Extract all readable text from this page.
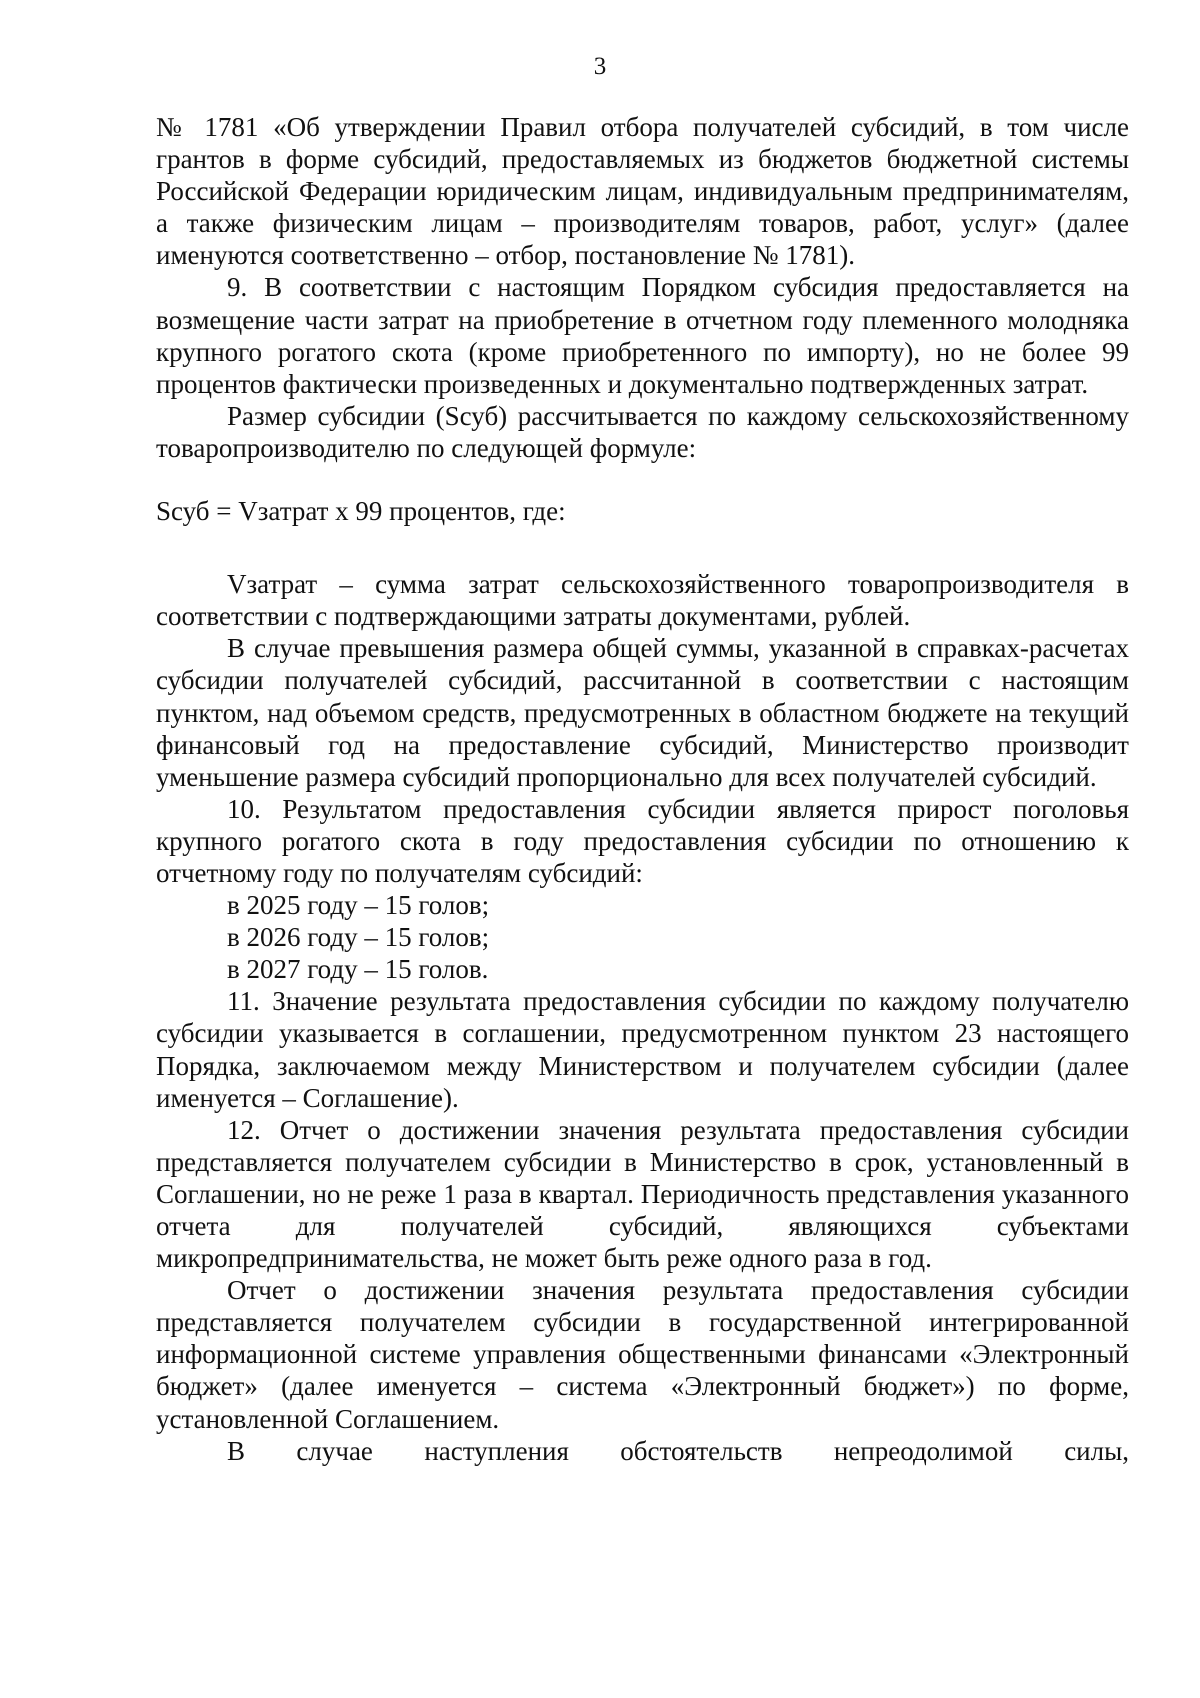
3

№ 1781 «Об утверждении Правил отбора получателей субсидий, в том числе грантов в форме субсидий, предоставляемых из бюджетов бюджетной системы Российской Федерации юридическим лицам, индивидуальным предпринимателям, а также физическим лицам – производителям товаров, работ, услуг» (далее именуются соответственно – отбор, постановление № 1781).

9. В соответствии с настоящим Порядком субсидия предоставляется на возмещение части затрат на приобретение в отчетном году племенного молодняка крупного рогатого скота (кроме приобретенного по импорту), но не более 99 процентов фактически произведенных и документально подтвержденных затрат.

Размер субсидии (Sсуб) рассчитывается по каждому сельскохозяйственному товаропроизводителю по следующей формуле:

Sсуб = Vзатрат x 99 процентов, где:

Vзатрат – сумма затрат сельскохозяйственного товаропроизводителя в соответствии с подтверждающими затраты документами, рублей.

В случае превышения размера общей суммы, указанной в справках-расчетах субсидии получателей субсидий, рассчитанной в соответствии с настоящим пунктом, над объемом средств, предусмотренных в областном бюджете на текущий финансовый год на предоставление субсидий, Министерство производит уменьшение размера субсидий пропорционально для всех получателей субсидий.

10. Результатом предоставления субсидии является прирост поголовья крупного рогатого скота в году предоставления субсидии по отношению к отчетному году по получателям субсидий:

в 2025 году – 15 голов;

в 2026 году – 15 голов;

в 2027 году – 15 голов.

11. Значение результата предоставления субсидии по каждому получателю субсидии указывается в соглашении, предусмотренном пунктом 23 настоящего Порядка, заключаемом между Министерством и получателем субсидии (далее именуется – Соглашение).

12. Отчет о достижении значения результата предоставления субсидии представляется получателем субсидии в Министерство в срок, установленный в Соглашении, но не реже 1 раза в квартал. Периодичность представления указанного отчета для получателей субсидий, являющихся субъектами микропредпринимательства, не может быть реже одного раза в год.

Отчет о достижении значения результата предоставления субсидии представляется получателем субсидии в государственной интегрированной информационной системе управления общественными финансами «Электронный бюджет» (далее именуется – система «Электронный бюджет») по форме, установленной Соглашением.

В случае наступления обстоятельств непреодолимой силы,
